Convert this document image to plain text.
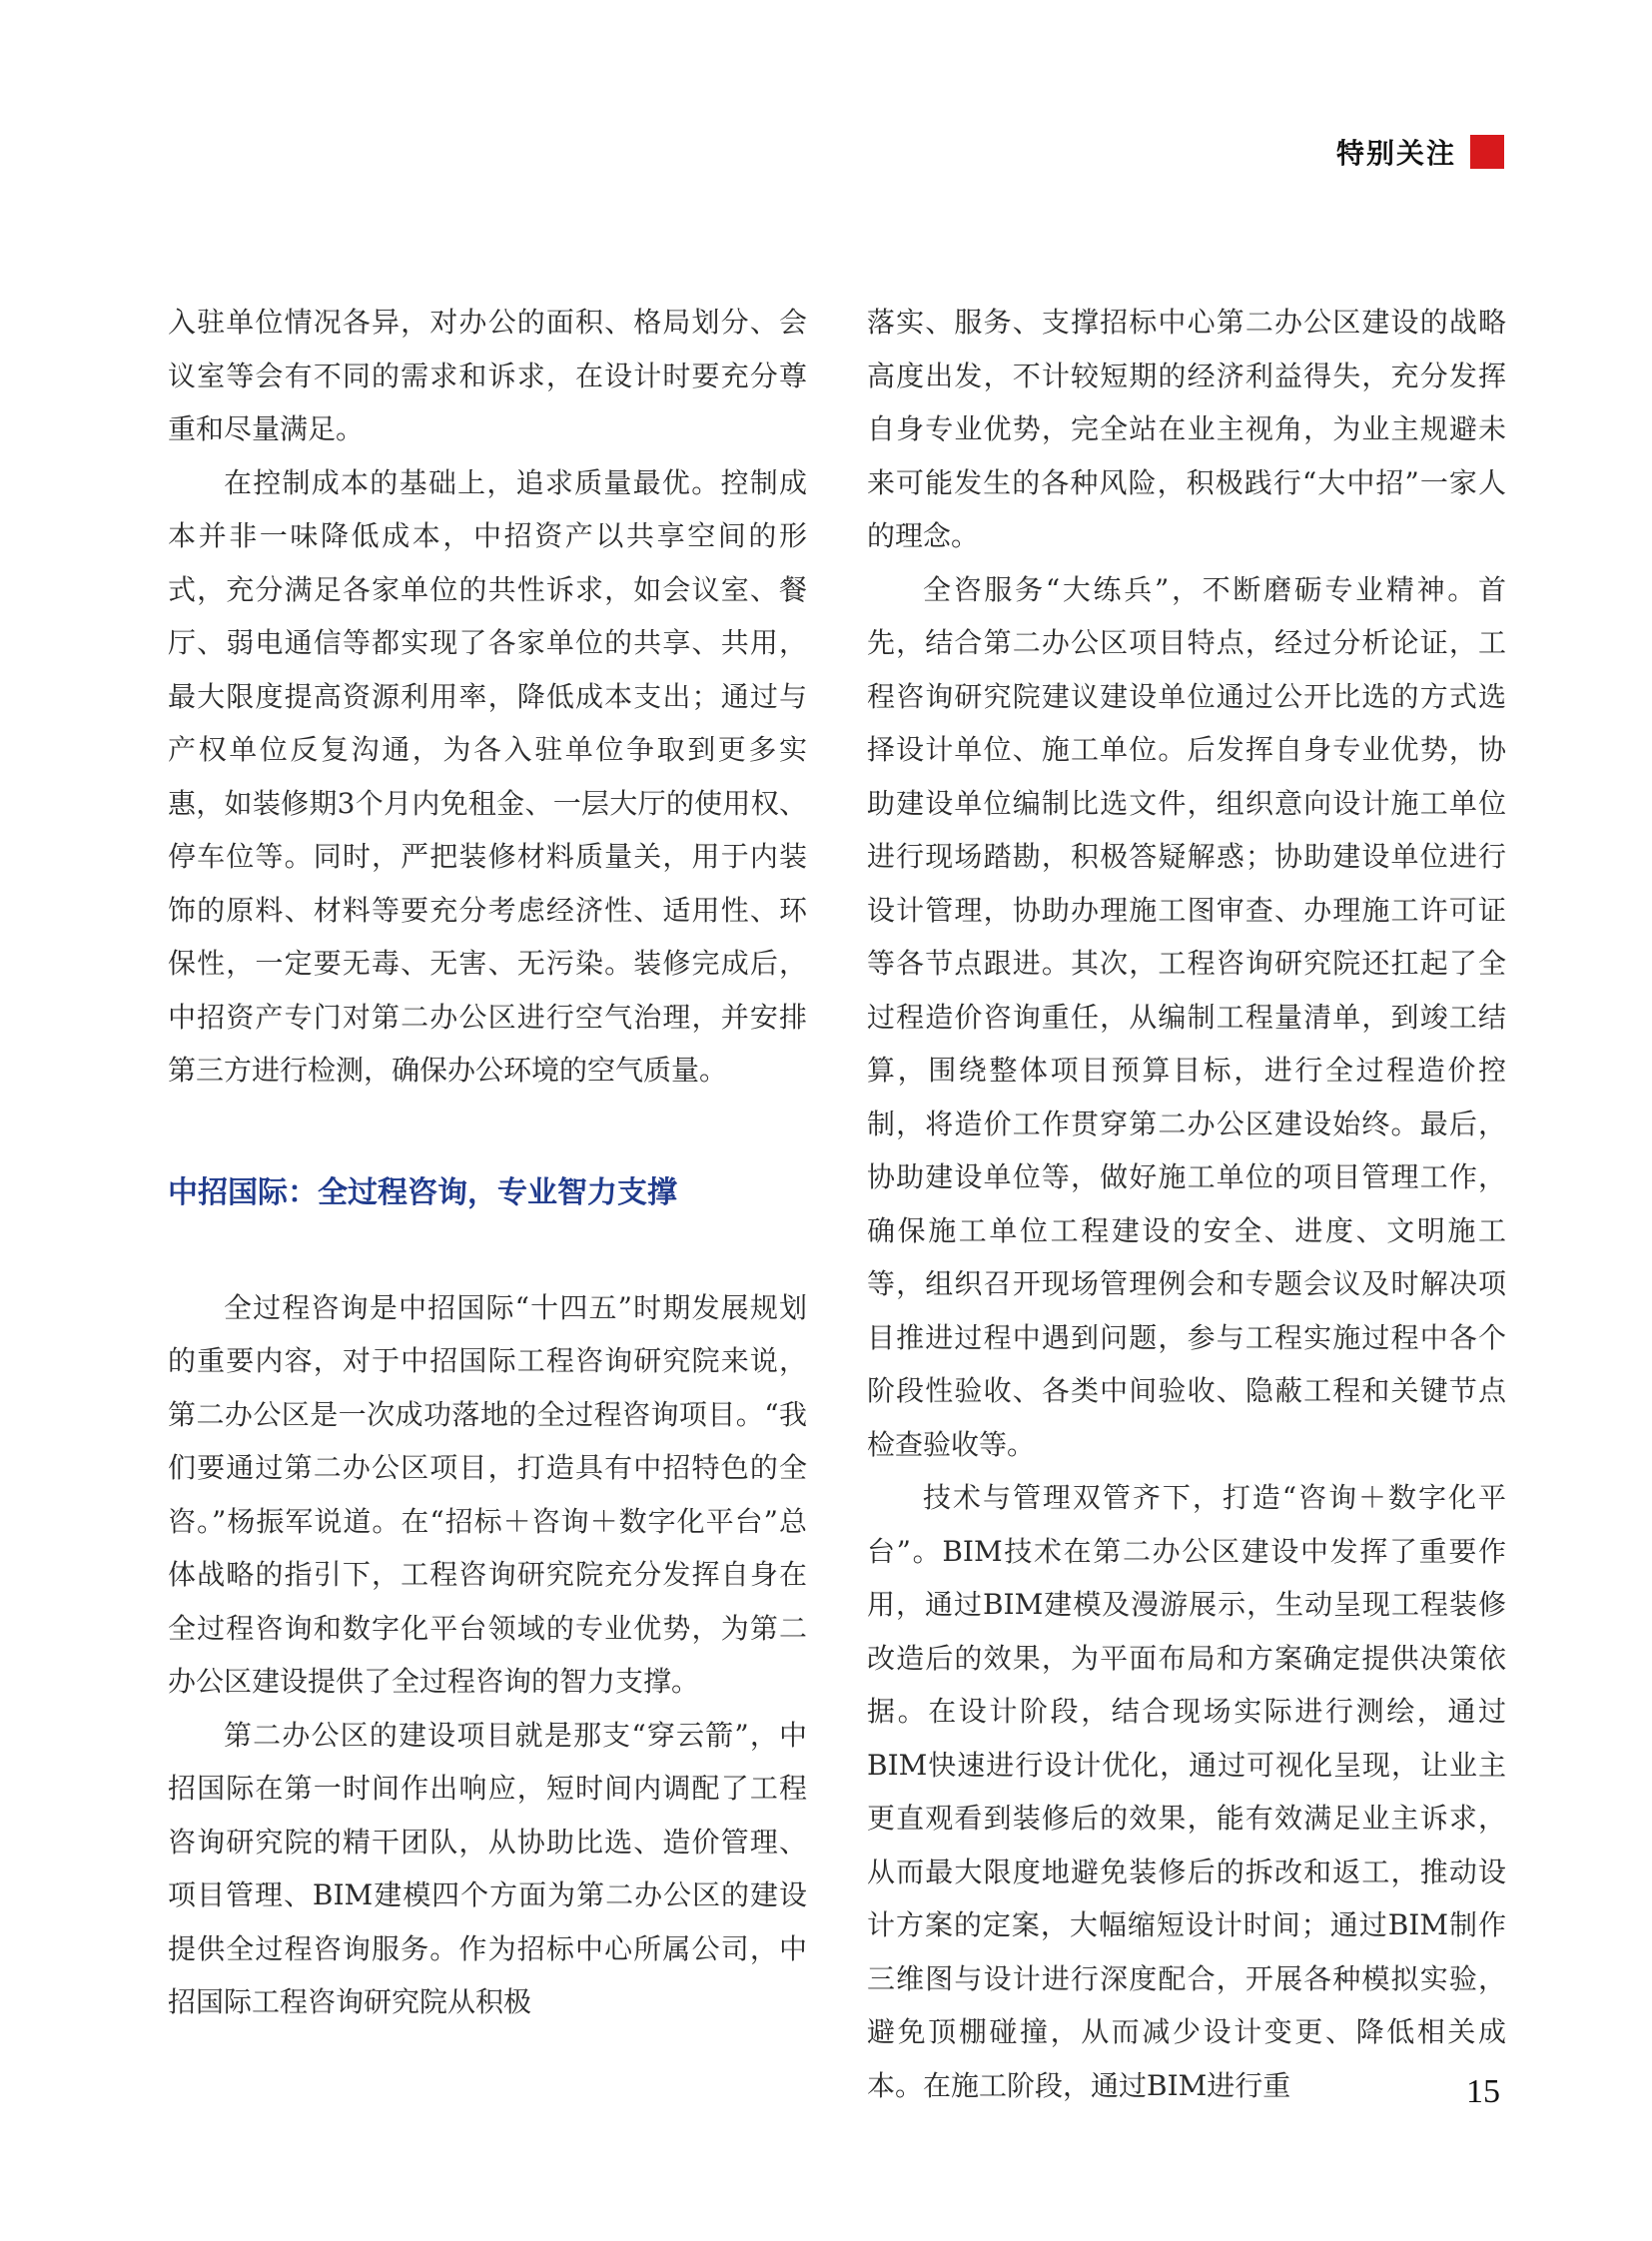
特别关注

入驻单位情况各异，对办公的面积、格局划分、会议室等会有不同的需求和诉求，在设计时要充分尊重和尽量满足。

在控制成本的基础上，追求质量最优。控制成本并非一味降低成本，中招资产以共享空间的形式，充分满足各家单位的共性诉求，如会议室、餐厅、弱电通信等都实现了各家单位的共享、共用，最大限度提高资源利用率，降低成本支出；通过与产权单位反复沟通，为各入驻单位争取到更多实惠，如装修期3个月内免租金、一层大厅的使用权、停车位等。同时，严把装修材料质量关，用于内装饰的原料、材料等要充分考虑经济性、适用性、环保性，一定要无毒、无害、无污染。装修完成后，中招资产专门对第二办公区进行空气治理，并安排第三方进行检测，确保办公环境的空气质量。

中招国际：全过程咨询，专业智力支撑

全过程咨询是中招国际“十四五”时期发展规划的重要内容，对于中招国际工程咨询研究院来说，第二办公区是一次成功落地的全过程咨询项目。“我们要通过第二办公区项目，打造具有中招特色的全咨。”杨振军说道。在“招标＋咨询＋数字化平台”总体战略的指引下，工程咨询研究院充分发挥自身在全过程咨询和数字化平台领域的专业优势，为第二办公区建设提供了全过程咨询的智力支撑。

第二办公区的建设项目就是那支“穿云箭”，中招国际在第一时间作出响应，短时间内调配了工程咨询研究院的精干团队，从协助比选、造价管理、项目管理、BIM建模四个方面为第二办公区的建设提供全过程咨询服务。作为招标中心所属公司，中招国际工程咨询研究院从积极

落实、服务、支撑招标中心第二办公区建设的战略高度出发，不计较短期的经济利益得失，充分发挥自身专业优势，完全站在业主视角，为业主规避未来可能发生的各种风险，积极践行“大中招”一家人的理念。

全咨服务“大练兵”，不断磨砺专业精神。首先，结合第二办公区项目特点，经过分析论证，工程咨询研究院建议建设单位通过公开比选的方式选择设计单位、施工单位。后发挥自身专业优势，协助建设单位编制比选文件，组织意向设计施工单位进行现场踏勘，积极答疑解惑；协助建设单位进行设计管理，协助办理施工图审查、办理施工许可证等各节点跟进。其次，工程咨询研究院还扛起了全过程造价咨询重任，从编制工程量清单，到竣工结算，围绕整体项目预算目标，进行全过程造价控制，将造价工作贯穿第二办公区建设始终。最后，协助建设单位等，做好施工单位的项目管理工作，确保施工单位工程建设的安全、进度、文明施工等，组织召开现场管理例会和专题会议及时解决项目推进过程中遇到问题，参与工程实施过程中各个阶段性验收、各类中间验收、隐蔽工程和关键节点检查验收等。

技术与管理双管齐下，打造“咨询＋数字化平台”。BIM技术在第二办公区建设中发挥了重要作用，通过BIM建模及漫游展示，生动呈现工程装修改造后的效果，为平面布局和方案确定提供决策依据。在设计阶段，结合现场实际进行测绘，通过BIM快速进行设计优化，通过可视化呈现，让业主更直观看到装修后的效果，能有效满足业主诉求，从而最大限度地避免装修后的拆改和返工，推动设计方案的定案，大幅缩短设计时间；通过BIM制作三维图与设计进行深度配合，开展各种模拟实验，避免顶棚碰撞，从而减少设计变更、降低相关成本。在施工阶段，通过BIM进行重	15
